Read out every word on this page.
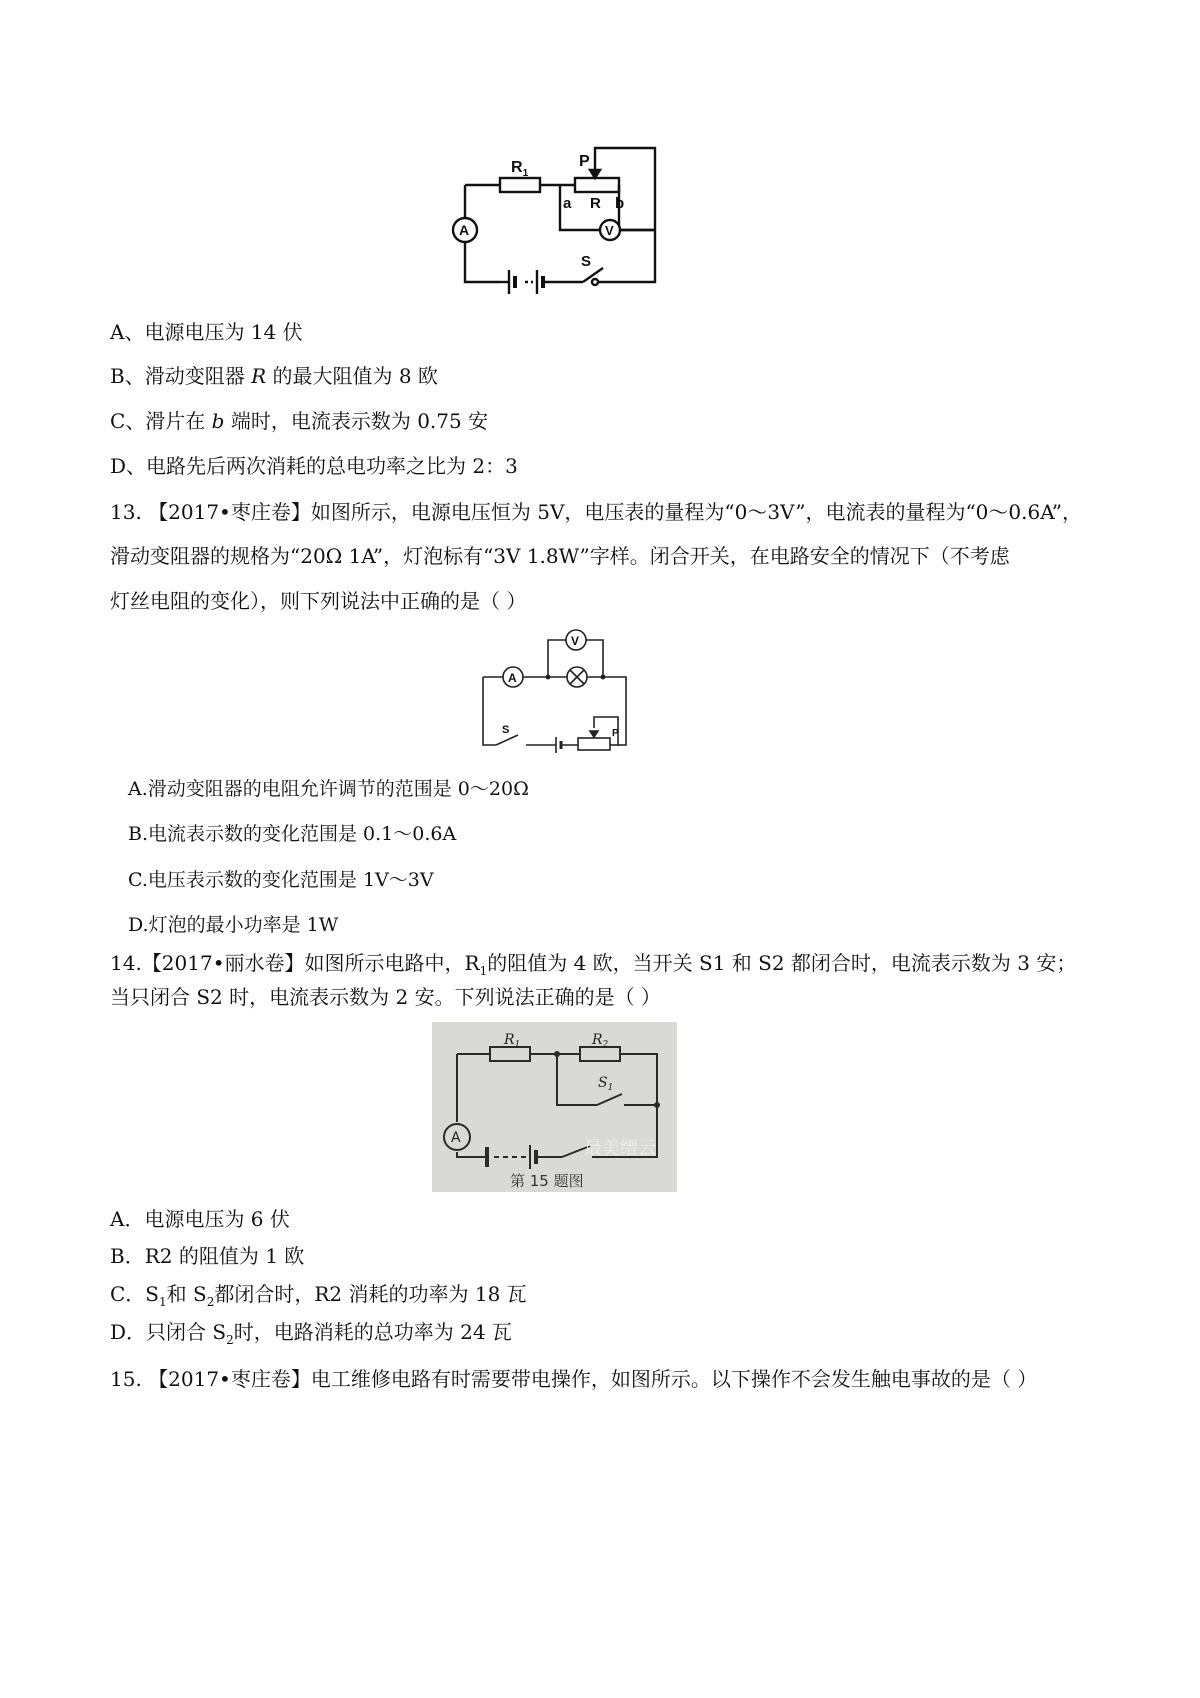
$R_1$
P
a R b
A	V
S
A、电源电压为 14 伏
B、滑动变阻器 R 的最大阻值为 8 欧
C、滑片在 b 端时，电流表示数为 0.75 安
D、电路先后两次消耗的总电功率之比为 2：3
13. 【2017•枣庄卷】如图所示，电源电压恒为 5V，电压表的量程为“0～3V”，电流表的量程为“0～0.6A”，
滑动变阻器的规格为“20Ω 1A”，灯泡标有“3V 1.8W”字样。闭合开关，在电路安全的情况下（不考虑
灯丝电阻的变化），则下列说法中正确的是（ ）
V
A
S	P
A.滑动变阻器的电阻允许调节的范围是 0～20Ω
B.电流表示数的变化范围是 0.1～0.6A
C.电压表示数的变化范围是 1V～3V
D.灯泡的最小功率是 1W
14.【2017•丽水卷】如图所示电路中，$R_1$的阻值为 4 欧，当开关 S1 和 S2 都闭合时，电流表示数为 3 安；
当只闭合 S2 时，电流表示数为 2 安。下列说法正确的是（ ）
$R_1$	$R_2$
$S_1$
A	最美缙云
第 15 题图
A．电源电压为 6 伏
B．R2 的阻值为 1 欧
C．$S_1$和 $S_2$都闭合时，R2 消耗的功率为 18 瓦
D．只闭合 $S_2$时，电路消耗的总功率为 24 瓦
15. 【2017•枣庄卷】电工维修电路有时需要带电操作，如图所示。以下操作不会发生触电事故的是（ ）
